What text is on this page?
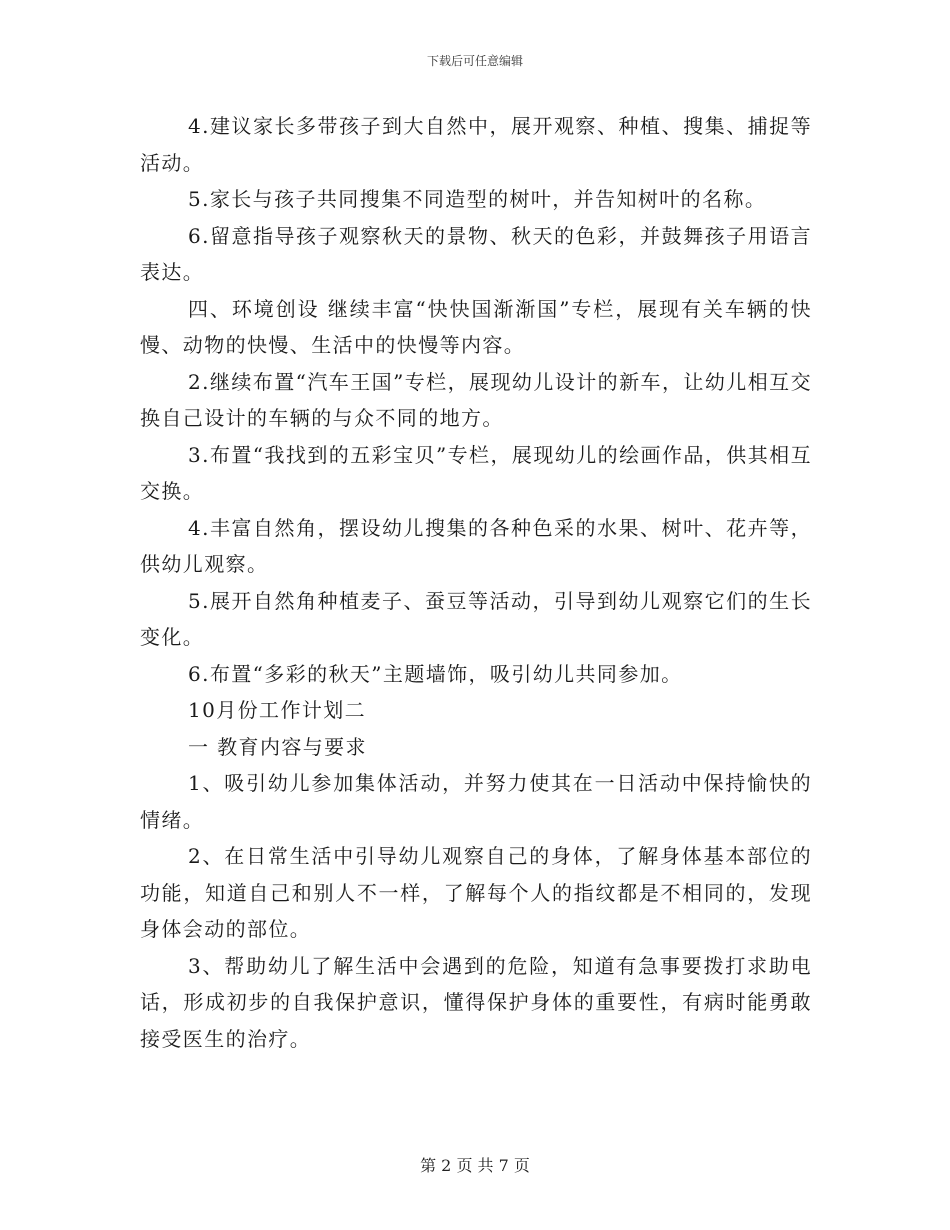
下载后可任意编辑

4.建议家长多带孩子到大自然中，展开观察、种植、搜集、捕捉等活动。

5.家长与孩子共同搜集不同造型的树叶，并告知树叶的名称。

6.留意指导孩子观察秋天的景物、秋天的色彩，并鼓舞孩子用语言表达。

四、环境创设 继续丰富“快快国渐渐国”专栏，展现有关车辆的快慢、动物的快慢、生活中的快慢等内容。

2.继续布置“汽车王国”专栏，展现幼儿设计的新车，让幼儿相互交换自己设计的车辆的与众不同的地方。

3.布置“我找到的五彩宝贝”专栏，展现幼儿的绘画作品，供其相互交换。

4.丰富自然角，摆设幼儿搜集的各种色采的水果、树叶、花卉等，供幼儿观察。

5.展开自然角种植麦子、蚕豆等活动，引导到幼儿观察它们的生长变化。

6.布置“多彩的秋天”主题墙饰，吸引幼儿共同参加。

10月份工作计划二

一 教育内容与要求

1、吸引幼儿参加集体活动，并努力使其在一日活动中保持愉快的情绪。

2、在日常生活中引导幼儿观察自己的身体，了解身体基本部位的功能，知道自己和别人不一样，了解每个人的指纹都是不相同的，发现身体会动的部位。

3、帮助幼儿了解生活中会遇到的危险，知道有急事要拨打求助电话，形成初步的自我保护意识，懂得保护身体的重要性，有病时能勇敢接受医生的治疗。

第 2 页 共 7 页
